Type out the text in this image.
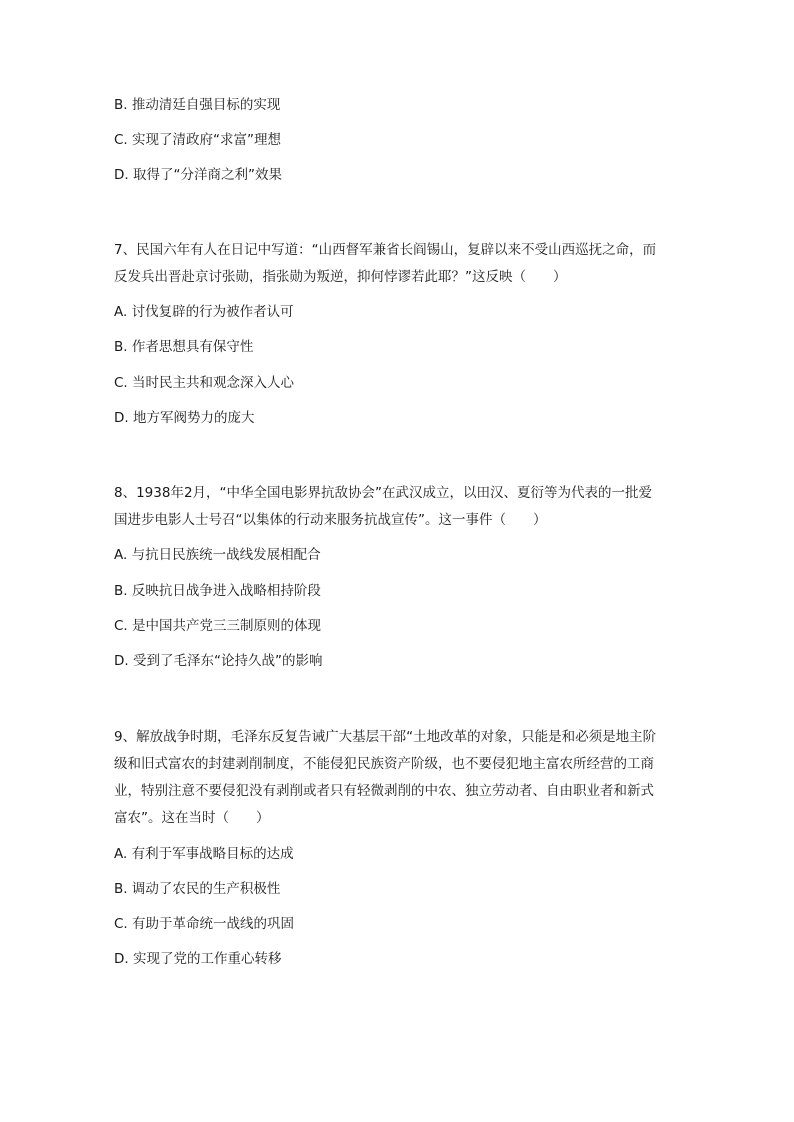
B. 推动清廷自强目标的实现
C. 实现了清政府“求富”理想
D. 取得了“分洋商之利”效果
7、民国六年有人在日记中写道：“山西督军兼省长阎锡山，复辟以来不受山西巡抚之命，而
反发兵出晋赴京讨张勋，指张勋为叛逆，抑何悖谬若此耶？”这反映（　　）
A. 讨伐复辟的行为被作者认可
B. 作者思想具有保守性
C. 当时民主共和观念深入人心
D. 地方军阀势力的庞大
8、1938年2月，“中华全国电影界抗敌协会”在武汉成立，以田汉、夏衍等为代表的一批爱
国进步电影人士号召“以集体的行动来服务抗战宣传”。这一事件（　　）
A. 与抗日民族统一战线发展相配合
B. 反映抗日战争进入战略相持阶段
C. 是中国共产党三三制原则的体现
D. 受到了毛泽东“论持久战”的影响
9、解放战争时期，毛泽东反复告诫广大基层干部“土地改革的对象，只能是和必须是地主阶
级和旧式富农的封建剥削制度，不能侵犯民族资产阶级，也不要侵犯地主富农所经营的工商
业，特别注意不要侵犯没有剥削或者只有轻微剥削的中农、独立劳动者、自由职业者和新式
富农”。这在当时（　　）
A. 有利于军事战略目标的达成
B. 调动了农民的生产积极性
C. 有助于革命统一战线的巩固
D. 实现了党的工作重心转移
